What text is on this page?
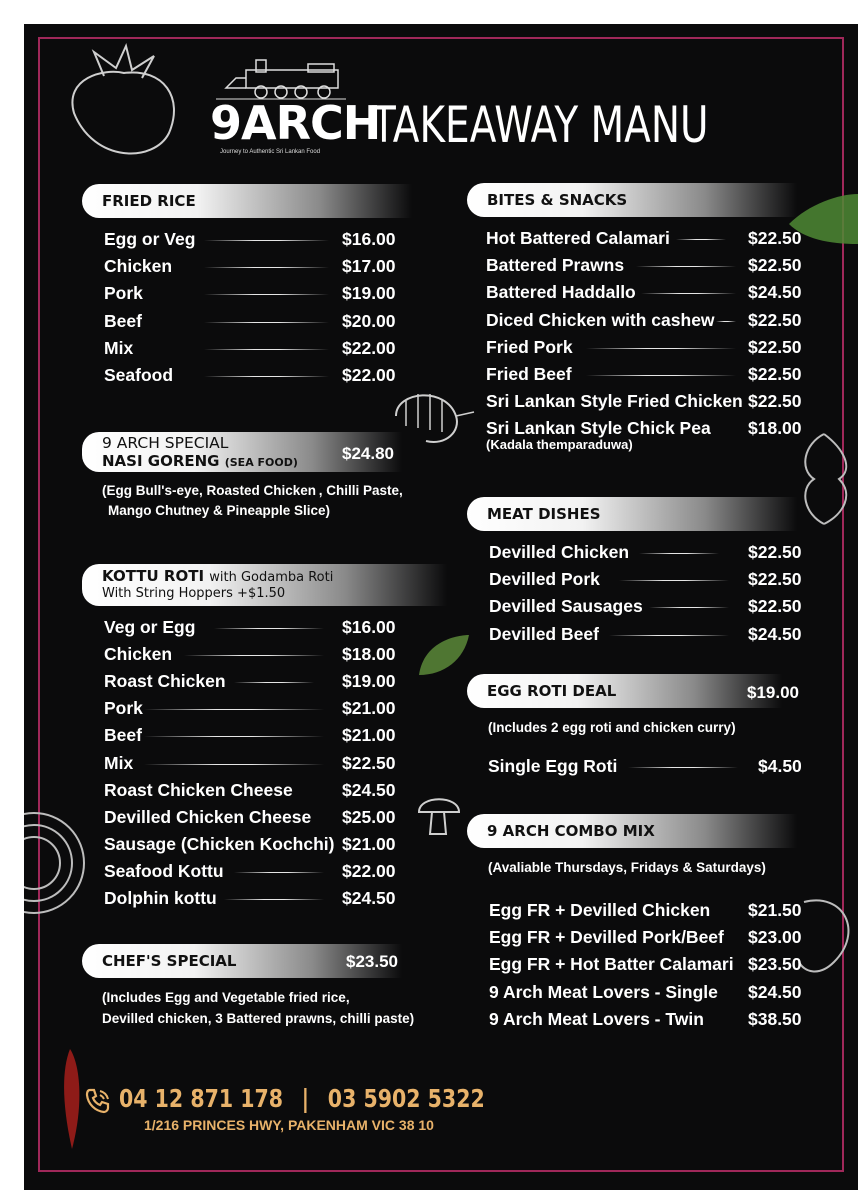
9ARCH
Journey to Authentic Sri Lankan Food TAKEAWAY MANU
FRIED RICE
Egg or Veg	$16.00
Chicken	$17.00
Pork	$19.00
Beef	$20.00
Mix	$22.00
Seafood	$22.00
9 ARCH SPECIAL
NASI GORENG (SEA FOOD)	$24.80
(Egg Bull's-eye, Roasted Chicken , Chilli Paste,
Mango Chutney & Pineapple Slice)
KOTTU ROTI with Godamba Roti
With String Hoppers +$1.50
Veg or Egg	$16.00
Chicken	$18.00
Roast Chicken	$19.00
Pork	$21.00
Beef	$21.00
Mix	$22.50
Roast Chicken Cheese	$24.50
Devilled Chicken Cheese $25.00
Sausage (Chicken Kochchi) $21.00
Seafood Kottu	$22.00
Dolphin kottu	$24.50
CHEF'S SPECIAL	$23.50
(Includes Egg and Vegetable fried rice,
Devilled chicken, 3 Battered prawns, chilli paste)
BITES & SNACKS
Hot Battered Calamari	$22.50
Battered Prawns	$22.50
Battered Haddallo	$24.50
Diced Chicken with cashew $22.50
Fried Pork	$22.50
Fried Beef	$22.50
Sri Lankan Style Fried Chicken $22.50
Sri Lankan Style Chick Pea $18.00
(Kadala themparaduwa)
MEAT DISHES
Devilled Chicken	$22.50
Devilled Pork	$22.50
Devilled Sausages	$22.50
Devilled Beef	$24.50
EGG ROTI DEAL	$19.00
(Includes 2 egg roti and chicken curry)
Single Egg Roti	$4.50
9 ARCH COMBO MIX
(Avaliable Thursdays, Fridays & Saturdays)
Egg FR + Devilled Chicken $21.50
Egg FR + Devilled Pork/Beef $23.00
Egg FR + Hot Batter Calamari $23.50
9 Arch Meat Lovers - Single $24.50
9 Arch Meat Lovers - Twin	$38.50
04 12 871 178 | 03 5902 5322
1/216 PRINCES HWY, PAKENHAM VIC 38 10
